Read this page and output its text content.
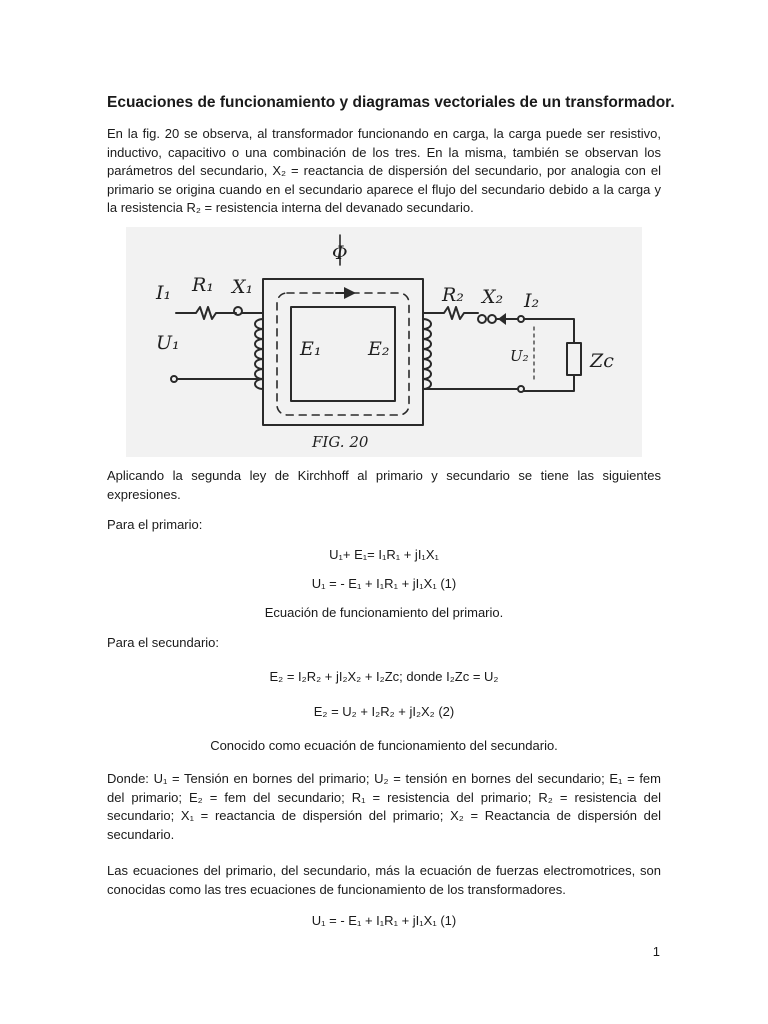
Ecuaciones de funcionamiento y diagramas vectoriales de un transformador.
En la fig. 20 se observa, al transformador funcionando en carga, la carga puede ser resistivo, inductivo, capacitivo o una combinación de los tres. En la misma, también se observan los parámetros del secundario, X₂ = reactancia de dispersión del secundario, por analogia con el primario se origina cuando en el secundario aparece el flujo del secundario debido a la carga y la resistencia R₂ = resistencia interna del devanado secundario.
Φ
I₁ R₁ X₁
U₁	E₁ E₂
R₂ X₂ I₂
U₂	Zc
FIG. 20
Aplicando la segunda ley de Kirchhoff al primario y secundario se tiene las siguientes expresiones.
Para el primario:
U₁+ E₁= I₁R₁ + jI₁X₁
U₁ = - E₁ + I₁R₁ + jI₁X₁ (1)
Ecuación de funcionamiento del primario.
Para el secundario:
E₂ = I₂R₂ + jI₂X₂ + I₂Zc; donde I₂Zc = U₂
E₂ = U₂ + I₂R₂ + jI₂X₂ (2)
Conocido como ecuación de funcionamiento del secundario.
Donde: U₁ = Tensión en bornes del primario; U₂ = tensión en bornes del secundario; E₁ = fem del primario; E₂ = fem del secundario; R₁ = resistencia del primario; R₂ = resistencia del secundario; X₁ = reactancia de dispersión del primario; X₂ = Reactancia de dispersión del secundario.
Las ecuaciones del primario, del secundario, más la ecuación de fuerzas electromotrices, son conocidas como las tres ecuaciones de funcionamiento de los transformadores.
U₁ = - E₁ + I₁R₁ + jI₁X₁ (1)
1
